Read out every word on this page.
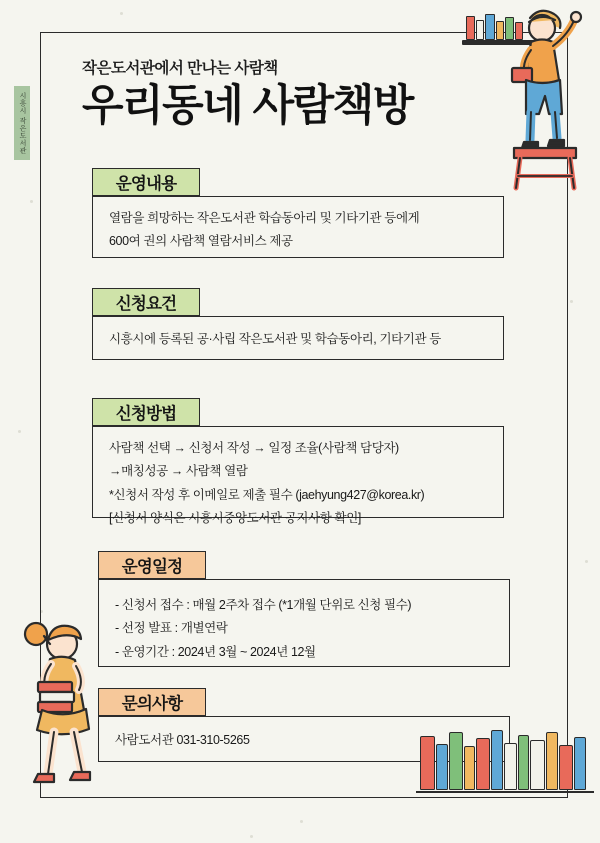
시흥시 작은도서관
운영내용

열람을 희망하는 작은도서관 학습동아리 및 기타기관 등에게

600여 권의 사람책 열람서비스 제공

신청요건

시흥시에 등록된 공·사립 작은도서관 및 학습동아리, 기타기관 등

신청방법

사람책 선택 → 신청서 작성 → 일정 조율(사람책 담당자)

→매칭성공 → 사람책 열람

*신청서 작성 후 이메일로 제출 필수 (jaehyung427@korea.kr)

[신청서 양식은 시흥시중앙도서관 공지사항 확인]

운영일정

- 신청서 접수 : 매월 2주차 접수 (*1개월 단위로 신청 필수)

- 선정 발표 : 개별연락

- 운영기간 : 2024년 3월 ~ 2024년 12월

문의사항

사람도서관 031-310-5265

작은도서관에서 만나는 사람책

우리동네 사람책방
